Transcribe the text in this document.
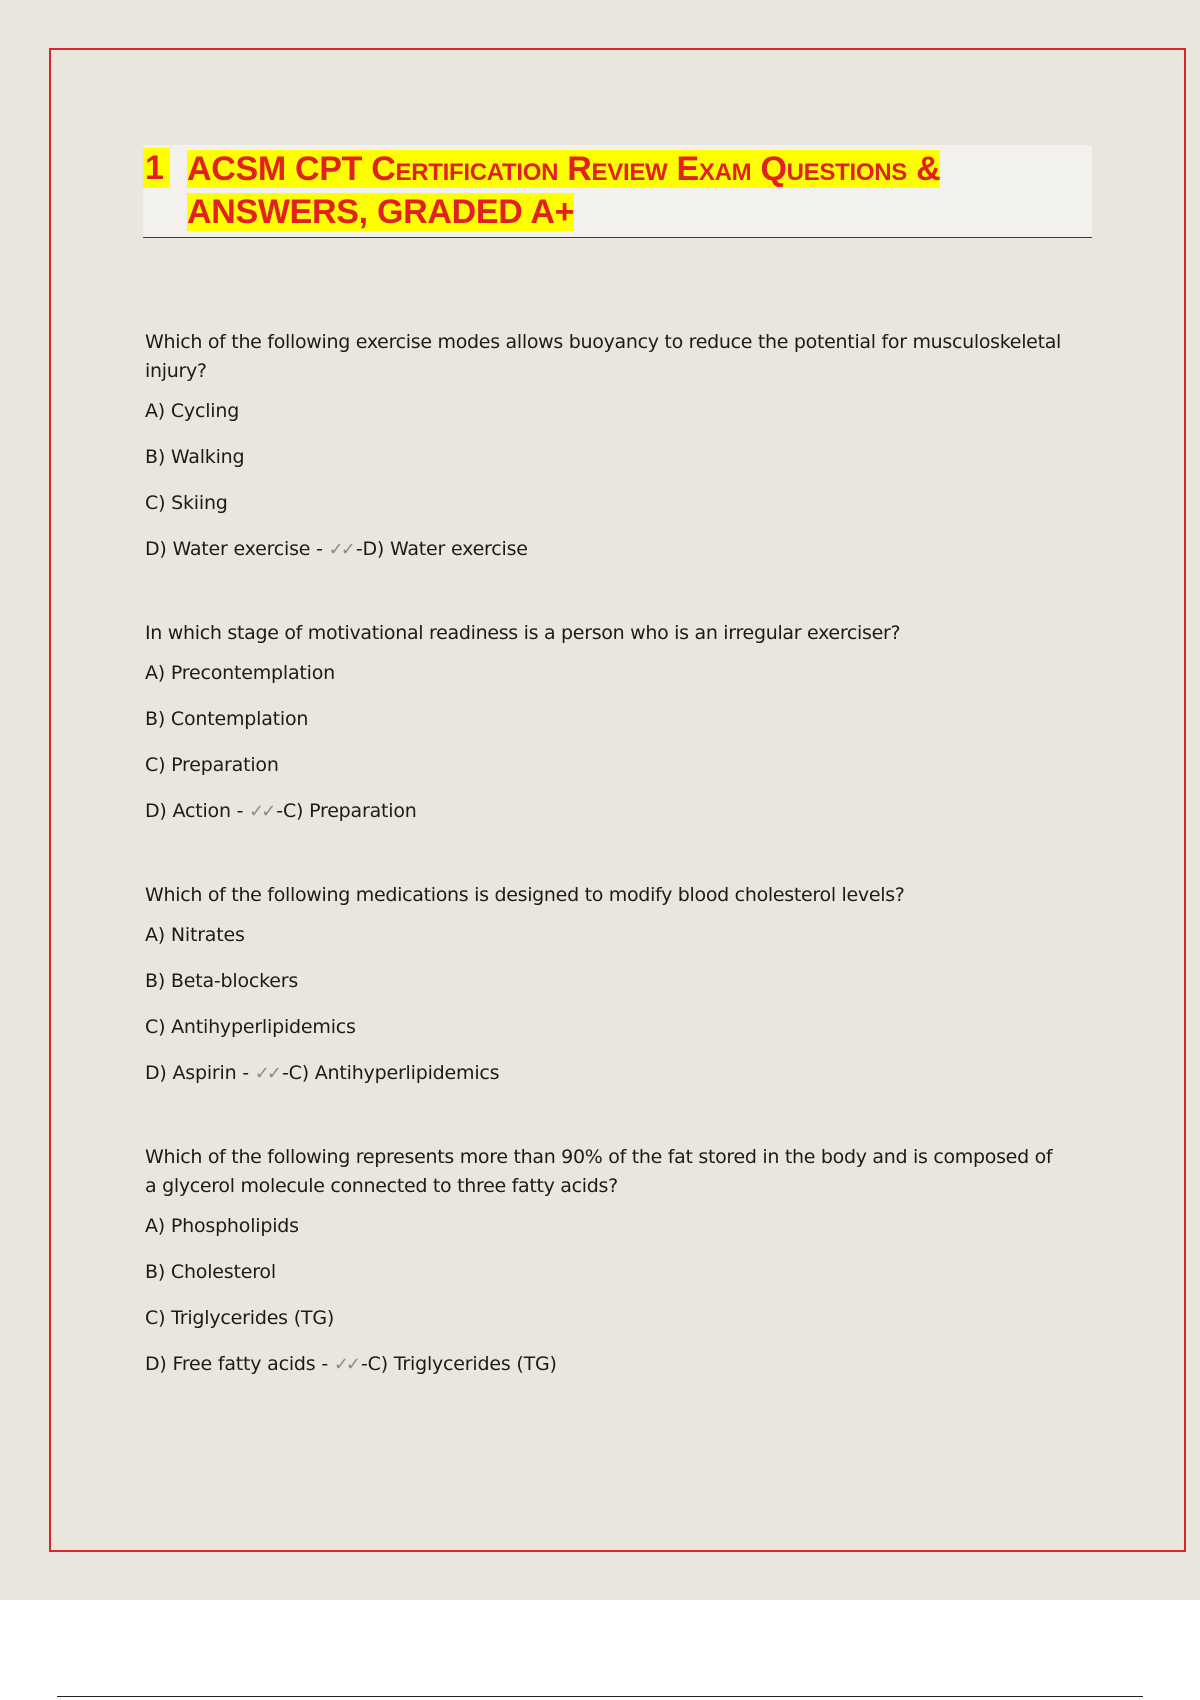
1 ACSM CPT Certification Review Exam Questions & ANSWERS, GRADED A+

Which of the following exercise modes allows buoyancy to reduce the potential for musculoskeletal injury?

A) Cycling

B) Walking

C) Skiing

D) Water exercise - ✓✓ -D) Water exercise

In which stage of motivational readiness is a person who is an irregular exerciser?

A) Precontemplation

B) Contemplation

C) Preparation

D) Action - ✓✓ -C) Preparation

Which of the following medications is designed to modify blood cholesterol levels?

A) Nitrates

B) Beta-blockers

C) Antihyperlipidemics

D) Aspirin - ✓✓ -C) Antihyperlipidemics

Which of the following represents more than 90% of the fat stored in the body and is composed of a glycerol molecule connected to three fatty acids?

A) Phospholipids

B) Cholesterol

C) Triglycerides (TG)

D) Free fatty acids - ✓✓ -C) Triglycerides (TG)
